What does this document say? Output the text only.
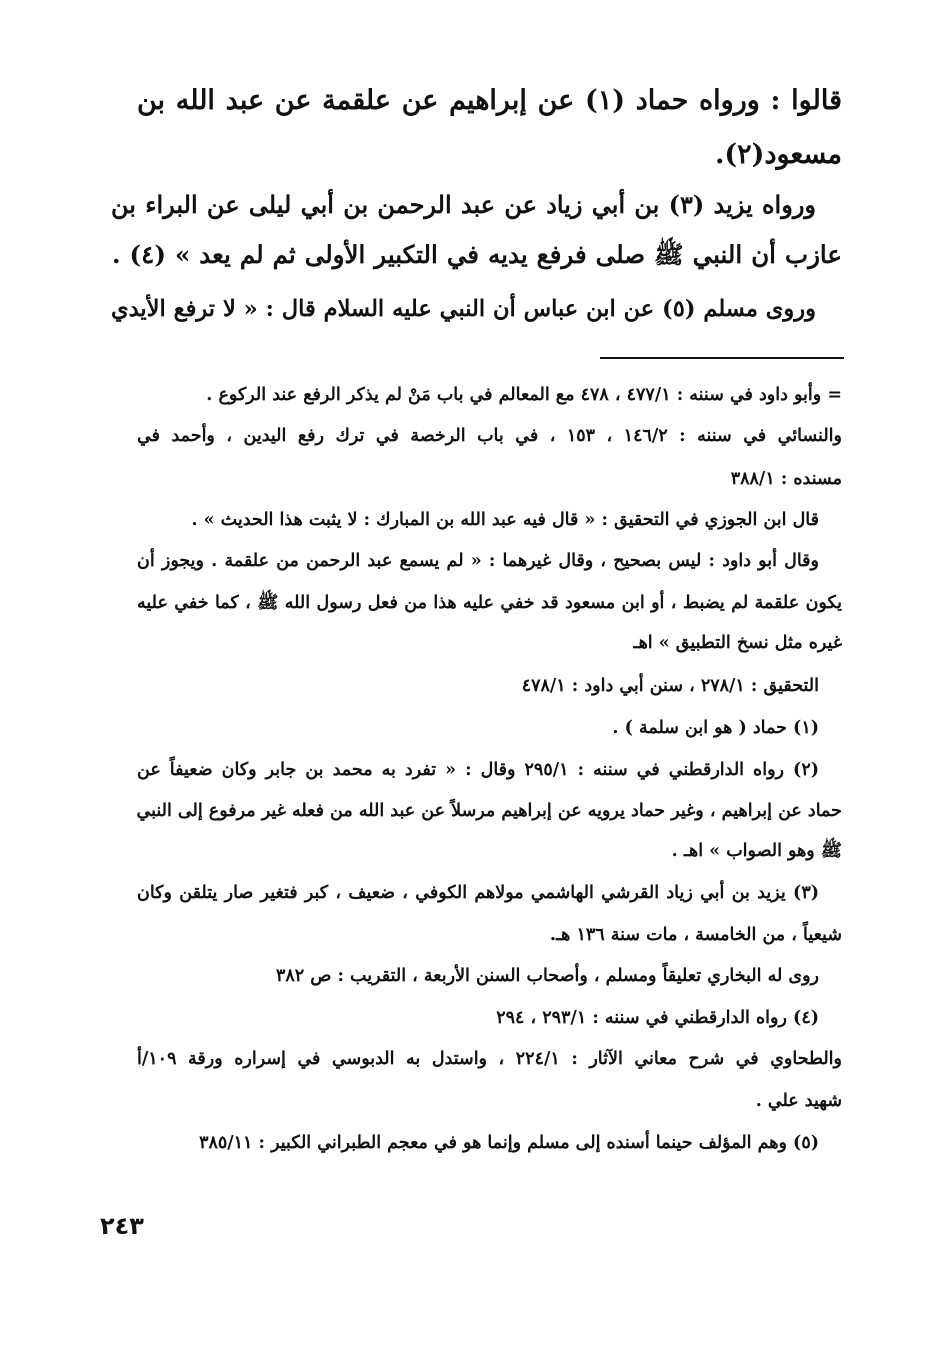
قالوا : ورواه حماد (١) عن إبراهيم عن علقمة عن عبد الله بن
مسعود(٢).
ورواه يزيد (٣) بن أبي زياد عن عبد الرحمن بن أبي ليلى عن البراء بن
عازب أن النبي ﷺ صلى فرفع يديه في التكبير الأولى ثم لم يعد » (٤) .
وروى مسلم (٥) عن ابن عباس أن النبي عليه السلام قال : « لا ترفع الأيدي
= وأبو داود في سننه : ٤٧٧/١ ، ٤٧٨ مع المعالم في باب مَنْ لم يذكر الرفع عند الركوع .
والنسائي في سننه : ١٤٦/٢ ، ١٥٣ ، في باب الرخصة في ترك رفع اليدين ، وأحمد في
مسنده : ٣٨٨/١
قال ابن الجوزي في التحقيق : « قال فيه عبد الله بن المبارك : لا يثبت هذا الحديث » .
وقال أبو داود : ليس بصحيح ، وقال غيرهما : « لم يسمع عبد الرحمن من علقمة . ويجوز أن
يكون علقمة لم يضبط ، أو ابن مسعود قد خفي عليه هذا من فعل رسول الله ﷺ ، كما خفي عليه
غيره مثل نسخ التطبيق » اهـ
التحقيق : ٢٧٨/١ ، سنن أبي داود : ٤٧٨/١
(١) حماد ( هو ابن سلمة ) .
(٢) رواه الدارقطني في سننه : ٢٩٥/١ وقال : « تفرد به محمد بن جابر وكان ضعيفاً عن
حماد عن إبراهيم ، وغير حماد يرويه عن إبراهيم مرسلاً عن عبد الله من فعله غير مرفوع إلى النبي
ﷺ وهو الصواب » اهـ .
(٣) يزيد بن أبي زياد القرشي الهاشمي مولاهم الكوفي ، ضعيف ، كبر فتغير صار يتلقن وكان
شيعياً ، من الخامسة ، مات سنة ١٣٦ هـ.
روى له البخاري تعليقاً ومسلم ، وأصحاب السنن الأربعة ، التقريب : ص ٣٨٢
(٤) رواه الدارقطني في سننه : ٢٩٣/١ ، ٢٩٤
والطحاوي في شرح معاني الآثار : ٢٢٤/١ ، واستدل به الدبوسي في إسراره ورقة ١٠٩/أ
شهيد علي .
(٥) وهم المؤلف حينما أسنده إلى مسلم وإنما هو في معجم الطبراني الكبير : ٣٨٥/١١
٢٤٣
